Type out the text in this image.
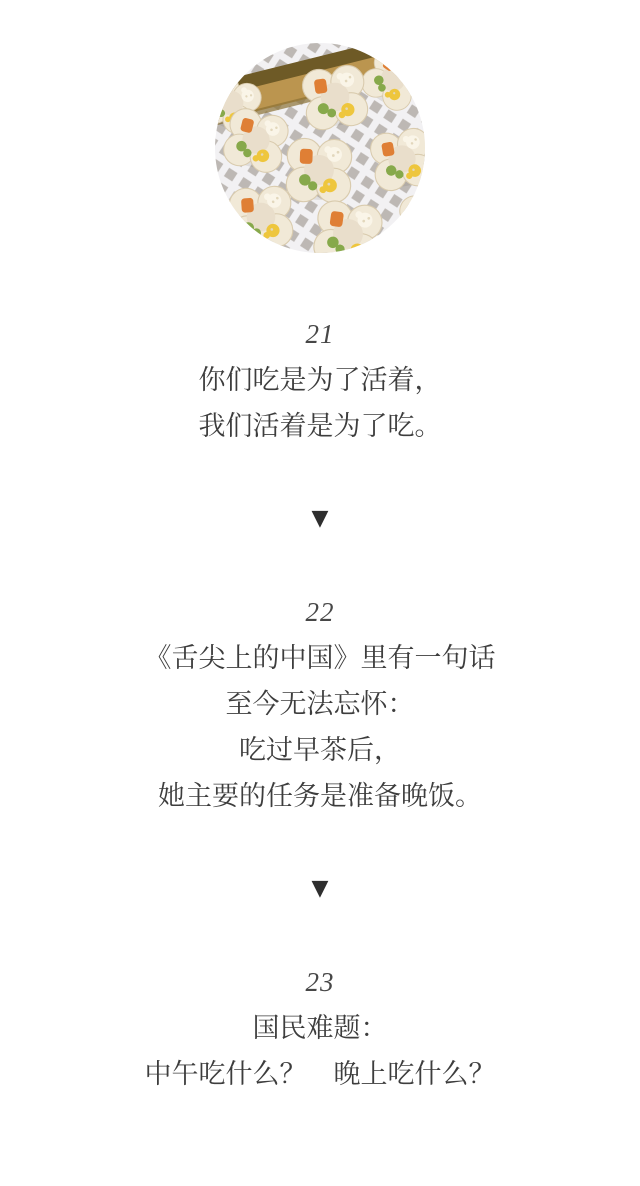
21
你们吃是为了活着，
我们活着是为了吃。
▼
22
《舌尖上的中国》里有一句话
至今无法忘怀：
吃过早茶后，
她主要的任务是准备晚饭。
▼
23
国民难题：
中午吃什么？　晚上吃什么？
